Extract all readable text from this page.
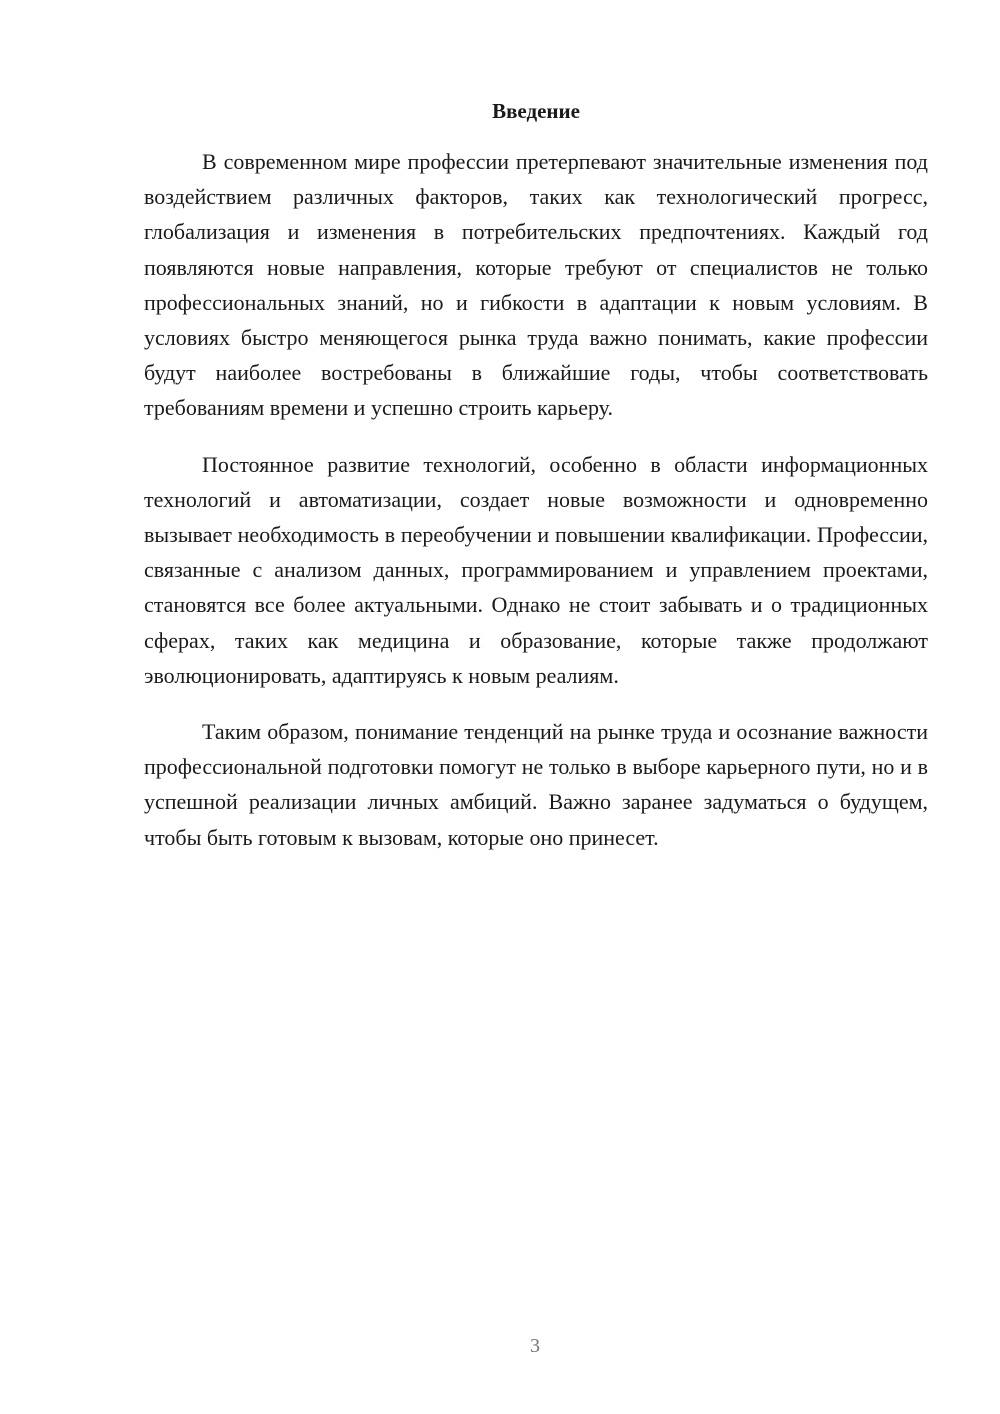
Введение

В современном мире профессии претерпевают значительные изменения под воздействием различных факторов, таких как технологический прогресс, глобализация и изменения в потребительских предпочтениях. Каждый год появляются новые направления, которые требуют от специалистов не только профессиональных знаний, но и гибкости в адаптации к новым условиям. В условиях быстро меняющегося рынка труда важно понимать, какие профессии будут наиболее востребованы в ближайшие годы, чтобы соответствовать требованиям времени и успешно строить карьеру.

Постоянное развитие технологий, особенно в области информационных технологий и автоматизации, создает новые возможности и одновременно вызывает необходимость в переобучении и повышении квалификации. Профессии, связанные с анализом данных, программированием и управлением проектами, становятся все более актуальными. Однако не стоит забывать и о традиционных сферах, таких как медицина и образование, которые также продолжают эволюционировать, адаптируясь к новым реалиям.

Таким образом, понимание тенденций на рынке труда и осознание важности профессиональной подготовки помогут не только в выборе карьерного пути, но и в успешной реализации личных амбиций. Важно заранее задуматься о будущем, чтобы быть готовым к вызовам, которые оно принесет.

3
